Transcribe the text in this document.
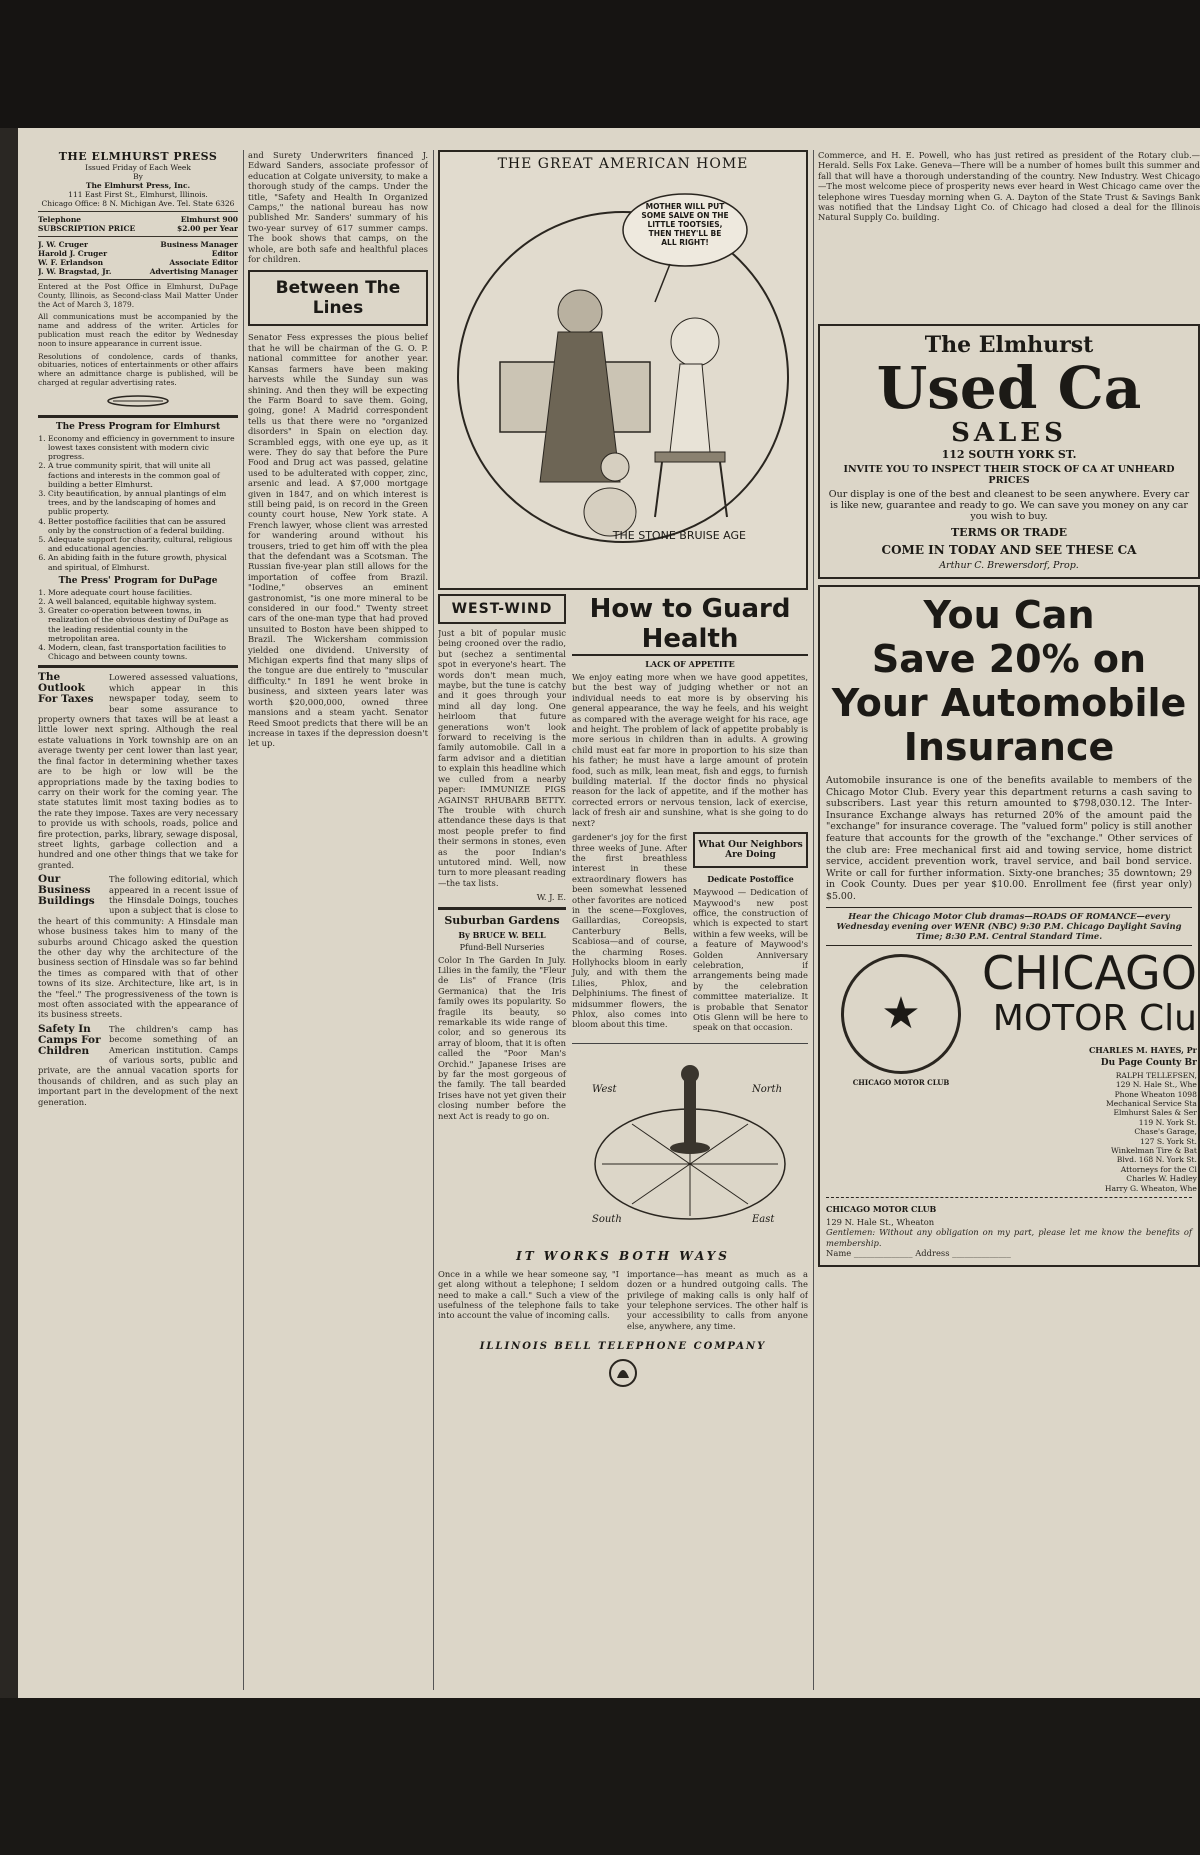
THE ELMHURST PRESS
Issued Friday of Each Week
By
The Elmhurst Press, Inc.
111 East First St., Elmhurst, Illinois.
Chicago Office: 8 N. Michigan Ave. Tel. State 6326
Telephone	Elmhurst 900
SUBSCRIPTION PRICE	$2.00 per Year
J. W. Cruger	Business Manager
Harold J. Cruger	Editor
W. F. Erlandson	Associate Editor
J. W. Bragstad, Jr.	Advertising Manager
Entered at the Post Office in Elmhurst, DuPage County, Illinois, as Second-class Mail Matter Under the Act of March 3, 1879.
All communications must be accompanied by the name and address of the writer. Articles for publication must reach the editor by Wednesday noon to insure appearance in current issue.
Resolutions of condolence, cards of thanks, obituaries, notices of entertainments or other affairs where an admittance charge is published, will be charged at regular advertising rates.
The Press Program for Elmhurst
1. Economy and efficiency in government to insure lowest taxes consistent with modern civic progress.
2. A true community spirit, that will unite all factions and interests in the common goal of building a better Elmhurst.
3. City beautification, by annual plantings of elm trees, and by the landscaping of homes and public property.
4. Better postoffice facilities that can be assured only by the construction of a federal building.
5. Adequate support for charity, cultural, religious and educational agencies.
6. An abiding faith in the future growth, physical and spiritual, of Elmhurst.
The Press' Program for DuPage
1. More adequate court house facilities.
2. A well balanced, equitable highway system.
3. Greater co-operation between towns, in realization of the obvious destiny of DuPage as the leading residential county in the metropolitan area.
4. Modern, clean, fast transportation facilities to Chicago and between county towns.
The Outlook For Taxes
Lowered assessed valuations, which appear in this newspaper today, seem to bear some assurance to property owners that taxes will be at least a little lower next spring. Although the real estate valuations in York township are on an average twenty per cent lower than last year, the final factor in determining whether taxes are to be high or low will be the appropriations made by the taxing bodies to carry on their work for the coming year. The state statutes limit most taxing bodies as to the rate they impose. Taxes are very necessary to provide us with schools, roads, police and fire protection, parks, library, sewage disposal, street lights, garbage collection and a hundred and one other things that we take for granted.
Our Business Buildings
The following editorial, which appeared in a recent issue of the Hinsdale Doings, touches upon a subject that is close to the heart of this community: A Hinsdale man whose business takes him to many of the suburbs around Chicago asked the question the other day why the architecture of the business section of Hinsdale was so far behind the times as compared with that of other towns of its size. Architecture, like art, is in the "feel." The progressiveness of the town is most often associated with the appearance of its business streets.
Safety In Camps For Children
The children's camp has become something of an American institution. Camps of various sorts, public and private, are the annual vacation sports for thousands of children, and as such play an important part in the development of the next generation.
and Surety Underwriters financed J. Edward Sanders, associate professor of education at Colgate university, to make a thorough study of the camps. Under the title, "Safety and Health In Organized Camps," the national bureau has now published Mr. Sanders' summary of his two-year survey of 617 summer camps. The book shows that camps, on the whole, are both safe and healthful places for children.
Between The Lines
Senator Fess expresses the pious belief that he will be chairman of the G. O. P. national committee for another year. Kansas farmers have been making harvests while the Sunday sun was shining. And then they will be expecting the Farm Board to save them. Going, going, gone! A Madrid correspondent tells us that there were no "organized disorders" in Spain on election day. Scrambled eggs, with one eye up, as it were. They do say that before the Pure Food and Drug act was passed, gelatine used to be adulterated with copper, zinc, arsenic and lead. A $7,000 mortgage given in 1847, and on which interest is still being paid, is on record in the Green county court house, New York state. A French lawyer, whose client was arrested for wandering around without his trousers, tried to get him off with the plea that the defendant was a Scotsman. The Russian five-year plan still allows for the importation of coffee from Brazil. "Iodine," observes an eminent gastronomist, "is one more mineral to be considered in our food." Twenty street cars of the one-man type that had proved unsuited to Boston have been shipped to Brazil. The Wickersham commission yielded one dividend. University of Michigan experts find that many slips of the tongue are due entirely to "muscular difficulty." In 1891 he went broke in business, and sixteen years later was worth $20,000,000, owned three mansions and a steam yacht. Senator Reed Smoot predicts that there will be an increase in taxes if the depression doesn't let up.
THE GREAT AMERICAN HOME
MOTHER WILL PUT SOME SALVE ON THE LITTLE TOOTSIES, THEN THEY'LL BE ALL RIGHT!
THE STONE BRUISE AGE
WEST-WIND
Just a bit of popular music being crooned over the radio, but (sechez a sentimental spot in everyone's heart. The words don't mean much, maybe, but the tune is catchy and it goes through your mind all day long. One heirloom that future generations won't look forward to receiving is the family automobile. Call in a farm advisor and a dietitian to explain this headline which we culled from a nearby paper: IMMUNIZE PIGS AGAINST RHUBARB BETTY. The trouble with church attendance these days is that most people prefer to find their sermons in stones, even as the poor Indian's untutored mind. Well, now turn to more pleasant reading—the tax lists.
W. J. E.
Suburban Gardens
By BRUCE W. BELL
Pfund-Bell Nurseries
Color In The Garden In July. Lilies in the family, the "Fleur de Lis" of France (Iris Germanica) that the Iris family owes its popularity. So fragile its beauty, so remarkable its wide range of color, and so generous its array of bloom, that it is often called the "Poor Man's Orchid." Japanese Irises are by far the most gorgeous of the family. The tall bearded Irises have not yet given their closing number before the next Act is ready to go on.
How to Guard Health
LACK OF APPETITE
We enjoy eating more when we have good appetites, but the best way of judging whether or not an individual needs to eat more is by observing his general appearance, the way he feels, and his weight as compared with the average weight for his race, age and height. The problem of lack of appetite probably is more serious in children than in adults. A growing child must eat far more in proportion to his size than his father; he must have a large amount of protein food, such as milk, lean meat, fish and eggs, to furnish building material. If the doctor finds no physical reason for the lack of appetite, and if the mother has corrected errors or nervous tension, lack of exercise, lack of fresh air and sunshine, what is she going to do next?
gardener's joy for the first three weeks of June. After the first breathless interest in these extraordinary flowers has been somewhat lessened other favorites are noticed in the scene—Foxgloves, Gaillardias, Coreopsis, Canterbury Bells, Scabiosa—and of course, the charming Roses. Hollyhocks bloom in early July, and with them the Lilies, Phlox, and Delphiniums. The finest of midsummer flowers, the Phlox, also comes into bloom about this time.
What Our Neighbors Are Doing
Dedicate Postoffice
Maywood — Dedication of Maywood's new post office, the construction of which is expected to start within a few weeks, will be a feature of Maywood's Golden Anniversary celebration, if arrangements being made by the celebration committee materialize. It is probable that Senator Otis Glenn will be here to speak on that occasion.
West	North
South	East
IT WORKS BOTH WAYS
Once in a while we hear someone say, "I get along without a telephone; I seldom need to make a call." Such a view of the usefulness of the telephone fails to take into account the value of incoming calls.
importance—has meant as much as a dozen or a hundred outgoing calls. The privilege of making calls is only half of your telephone services. The other half is your accessibility to calls from anyone else, anywhere, any time.
ILLINOIS BELL TELEPHONE COMPANY
Commerce, and H. E. Powell, who has just retired as president of the Rotary club.—Herald. Sells Fox Lake. Geneva—There will be a number of homes built this summer and fall that will have a thorough understanding of the country. New Industry. West Chicago—The most welcome piece of prosperity news ever heard in West Chicago came over the telephone wires Tuesday morning when G. A. Dayton of the State Trust & Savings Bank was notified that the Lindsay Light Co. of Chicago had closed a deal for the Illinois Natural Supply Co. building.
The Elmhurst
Used Ca
SALES
112 SOUTH YORK ST.
INVITE YOU TO INSPECT THEIR STOCK OF CA AT UNHEARD PRICES
Our display is one of the best and cleanest to be seen anywhere. Every car is like new, guarantee and ready to go. We can save you money on any car you wish to buy.
TERMS OR TRADE
COME IN TODAY AND SEE THESE CA
Arthur C. Brewersdorf, Prop.
You Can
Save 20% on
Your Automobile
Insurance
Automobile insurance is one of the benefits available to members of the Chicago Motor Club. Every year this department returns a cash saving to subscribers. Last year this return amounted to $798,030.12. The Inter-Insurance Exchange always has returned 20% of the amount paid the "exchange" for insurance coverage. The "valued form" policy is still another feature that accounts for the growth of the "exchange." Other services of the club are: Free mechanical first aid and towing service, home district service, accident prevention work, travel service, and bail bond service. Write or call for further information. Sixty-one branches; 35 downtown; 29 in Cook County. Dues per year $10.00. Enrollment fee (first year only) $5.00.
Hear the Chicago Motor Club dramas—ROADS OF ROMANCE—every Wednesday evening over WENR (NBC) 9:30 P.M. Chicago Daylight Saving Time; 8:30 P.M. Central Standard Time.
★
CHICAGO MOTOR CLUB
CHICAGO
MOTOR Clu
CHARLES M. HAYES, Pr
Du Page County Br
RALPH TELLEFSEN,
129 N. Hale St., Whe
Phone Wheaton 1098
Mechanical Service Sta
Elmhurst Sales & Ser
119 N. York St.
Chase's Garage,
127 S. York St.
Winkelman Tire & Bat
Blvd. 168 N. York St.
Attorneys for the Cl
Charles W. Hadley
Harry G. Wheaton, Whe
CHICAGO MOTOR CLUB
129 N. Hale St., Wheaton
Gentlemen: Without any obligation on my part, please let me know the benefits of membership.
Name ______________ Address ______________
